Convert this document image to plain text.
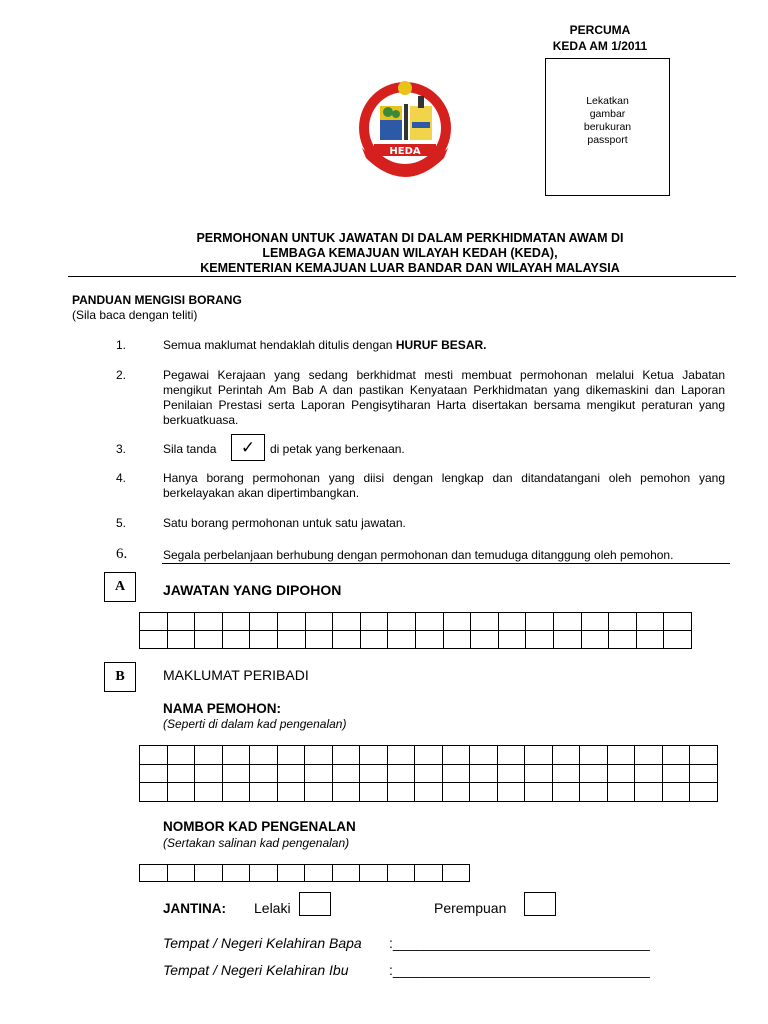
PERCUMA
KEDA AM 1/2011
Lekatkan
gambar
berukuran
passport
HEDA
PERMOHONAN UNTUK JAWATAN DI DALAM PERKHIDMATAN AWAM DI
LEMBAGA KEMAJUAN WILAYAH KEDAH (KEDA),
KEMENTERIAN KEMAJUAN LUAR BANDAR DAN WILAYAH MALAYSIA
PANDUAN MENGISI BORANG
(Sila baca dengan teliti)
1.	Semua maklumat hendaklah ditulis dengan HURUF BESAR.
2.	Pegawai Kerajaan yang sedang berkhidmat mesti membuat permohonan melalui Ketua Jabatan mengikut Perintah Am Bab A dan pastikan Kenyataan Perkhidmatan yang dikemaskini dan Laporan Penilaian Prestasi serta Laporan Pengisytiharan Harta disertakan bersama mengikut peraturan yang berkuatkuasa.
3.	Sila tanda	✓	di petak yang berkenaan.
4.	Hanya borang permohonan yang diisi dengan lengkap dan ditandatangani oleh pemohon yang berkelayakan akan dipertimbangkan.
5.	Satu borang permohonan untuk satu jawatan.
6.	Segala perbelanjaan berhubung dengan permohonan dan temuduga ditanggung oleh pemohon.
A	JAWATAN YANG DIPOHON

B	MAKLUMAT PERIBADI
NAMA PEMOHON:
(Seperti di dalam kad pengenalan)

NOMBOR KAD PENGENALAN
(Sertakan salinan kad pengenalan)

JANTINA: Lelaki	Perempuan
Tempat / Negeri Kelahiran Bapa :_________________________________
Tempat / Negeri Kelahiran Ibu	:_________________________________
